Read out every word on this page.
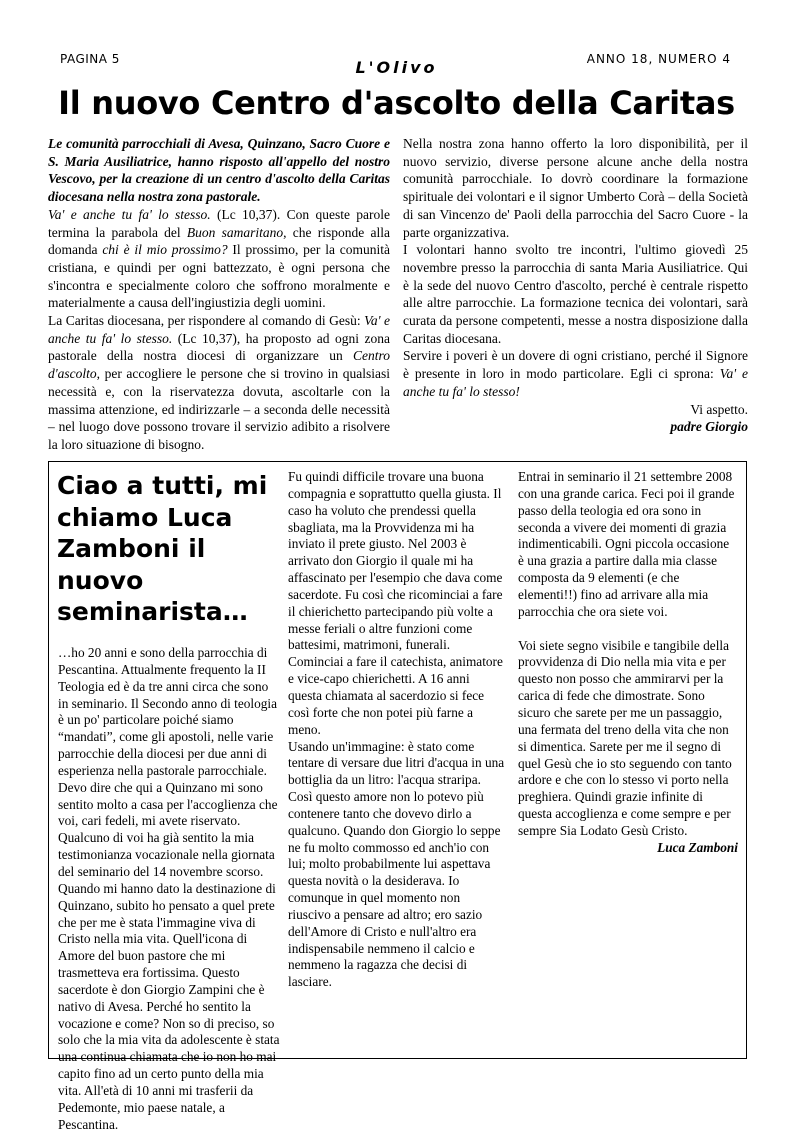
PAGINA 5	L'Olivo	ANNO 18, NUMERO 4
Il nuovo Centro d'ascolto della Caritas

Le comunità parrocchiali di Avesa, Quinzano, Sacro Cuore e S. Maria Ausiliatrice, hanno risposto all'appello del nostro Vescovo, per la creazione di un centro d'ascolto della Caritas diocesana nella nostra zona pastorale.

Va' e anche tu fa' lo stesso. (Lc 10,37). Con queste parole termina la parabola del Buon samaritano, che risponde alla domanda chi è il mio prossimo? Il prossimo, per la comunità cristiana, e quindi per ogni battezzato, è ogni persona che s'incontra e specialmente coloro che soffrono moralmente e materialmente a causa dell'ingiustizia degli uomini.

La Caritas diocesana, per rispondere al comando di Gesù: Va' e anche tu fa' lo stesso. (Lc 10,37), ha proposto ad ogni zona pastorale della nostra diocesi di organizzare un Centro d'ascolto, per accogliere le persone che si trovino in qualsiasi necessità e, con la riservatezza dovuta, ascoltarle con la massima attenzione, ed indirizzarle – a seconda delle necessità – nel luogo dove possono trovare il servizio adibito a risolvere la loro situazione di bisogno.

Nella nostra zona hanno offerto la loro disponibilità, per il nuovo servizio, diverse persone alcune anche della nostra comunità parrocchiale. Io dovrò coordinare la formazione spirituale dei volontari e il signor Umberto Corà – della Società di san Vincenzo de' Paoli della parrocchia del Sacro Cuore - la parte organizzativa.

I volontari hanno svolto tre incontri, l'ultimo giovedì 25 novembre presso la parrocchia di santa Maria Ausiliatrice. Qui è la sede del nuovo Centro d'ascolto, perché è centrale rispetto alle altre parrocchie. La formazione tecnica dei volontari, sarà curata da persone competenti, messe a nostra disposizione dalla Caritas diocesana.

Servire i poveri è un dovere di ogni cristiano, perché il Signore è presente in loro in modo particolare. Egli ci sprona: Va' e anche tu fa' lo stesso!

Vi aspetto.

padre Giorgio

Ciao a tutti, mi chiamo Luca Zamboni il nuovo seminarista…

…ho 20 anni e sono della parrocchia di Pescantina. Attualmente frequento la II Teologia ed è da tre anni circa che sono in seminario. Il Secondo anno di teologia è un po' particolare poiché siamo “mandati”, come gli apostoli, nelle varie parrocchie della diocesi per due anni di esperienza nella pastorale parrocchiale. Devo dire che qui a Quinzano mi sono sentito molto a casa per l'accoglienza che voi, cari fedeli, mi avete riservato. Qualcuno di voi ha già sentito la mia testimonianza vocazionale nella giornata del seminario del 14 novembre scorso. Quando mi hanno dato la destinazione di Quinzano, subito ho pensato a quel prete che per me è stata l'immagine viva di Cristo nella mia vita. Quell'icona di Amore del buon pastore che mi trasmetteva era fortissima. Questo sacerdote è don Giorgio Zampini che è nativo di Avesa. Perché ho sentito la vocazione e come? Non so di preciso, so solo che la mia vita da adolescente è stata una continua chiamata che io non ho mai capito fino ad un certo punto della mia vita. All'età di 10 anni mi trasferii da Pedemonte, mio paese natale, a Pescantina.

Fu quindi difficile trovare una buona compagnia e soprattutto quella giusta. Il caso ha voluto che prendessi quella sbagliata, ma la Provvidenza mi ha inviato il prete giusto. Nel 2003 è arrivato don Giorgio il quale mi ha affascinato per l'esempio che dava come sacerdote. Fu così che ricominciai a fare il chierichetto partecipando più volte a messe feriali o altre funzioni come battesimi, matrimoni, funerali. Cominciai a fare il catechista, animatore e vice-capo chierichetti. A 16 anni questa chiamata al sacerdozio si fece così forte che non potei più farne a meno.

Usando un'immagine: è stato come tentare di versare due litri d'acqua in una bottiglia da un litro: l'acqua straripa. Così questo amore non lo potevo più contenere tanto che dovevo dirlo a qualcuno. Quando don Giorgio lo seppe ne fu molto commosso ed anch'io con lui; molto probabilmente lui aspettava questa novità o la desiderava. Io comunque in quel momento non riuscivo a pensare ad altro; ero sazio dell'Amore di Cristo e null'altro era indispensabile nemmeno il calcio e nemmeno la ragazza che decisi di lasciare.

Entrai in seminario il 21 settembre 2008 con una grande carica. Feci poi il grande passo della teologia ed ora sono in seconda a vivere dei momenti di grazia indimenticabili. Ogni piccola occasione è una grazia a partire dalla mia classe composta da 9 elementi (e che elementi!!) fino ad arrivare alla mia parrocchia che ora siete voi.

Voi siete segno visibile e tangibile della provvidenza di Dio nella mia vita e per questo non posso che ammirarvi per la carica di fede che dimostrate. Sono sicuro che sarete per me un passaggio, una fermata del treno della vita che non si dimentica. Sarete per me il segno di quel Gesù che io sto seguendo con tanto ardore e che con lo stesso vi porto nella preghiera. Quindi grazie infinite di questa accoglienza e come sempre e per sempre Sia Lodato Gesù Cristo.

Luca Zamboni
